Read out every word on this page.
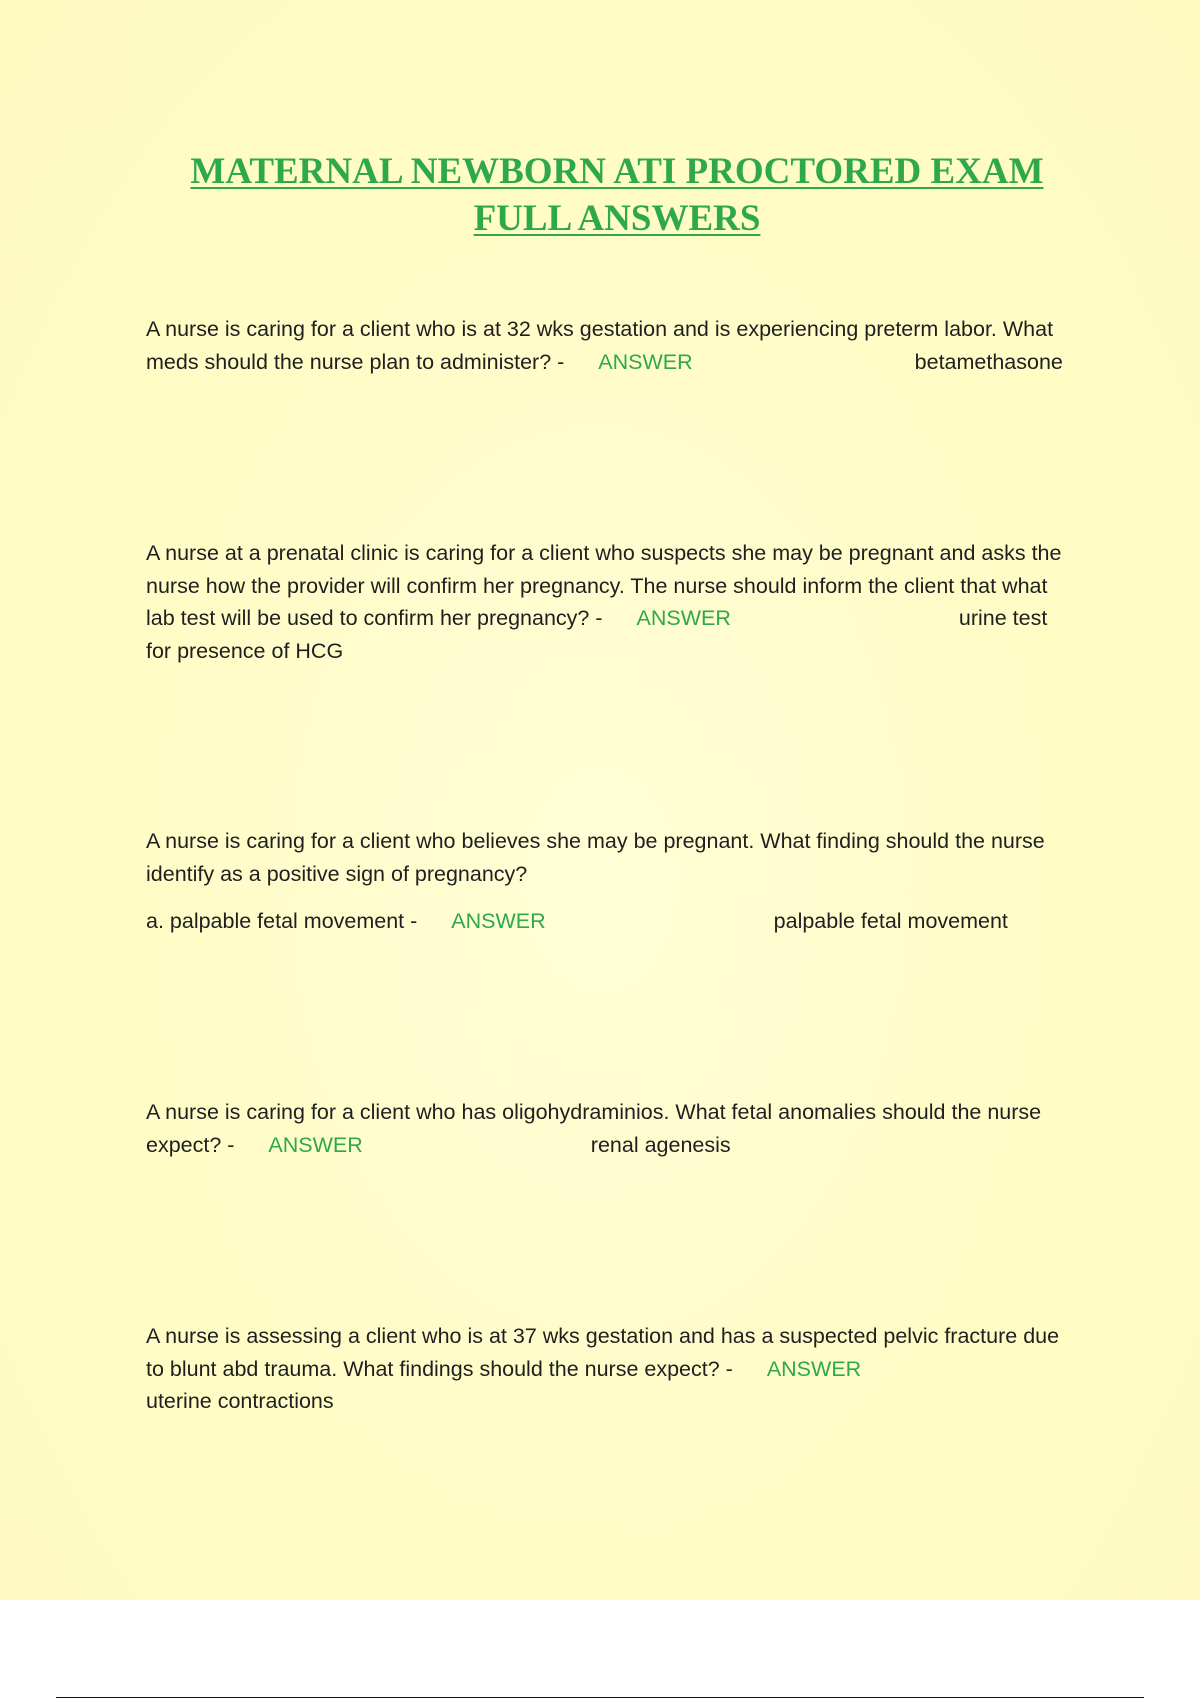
MATERNAL NEWBORN ATI PROCTORED EXAM
FULL ANSWERS

A nurse is caring for a client who is at 32 wks gestation and is experiencing preterm labor. What meds should the nurse plan to administer? - ANSWER	betamethasone

A nurse at a prenatal clinic is caring for a client who suspects she may be pregnant and asks the nurse how the provider will confirm her pregnancy. The nurse should inform the client that what lab test will be used to confirm her pregnancy? - ANSWER	urine test for presence of HCG

A nurse is caring for a client who believes she may be pregnant. What finding should the nurse identify as a positive sign of pregnancy?

a. palpable fetal movement - ANSWER	palpable fetal movement

A nurse is caring for a client who has oligohydraminios. What fetal anomalies should the nurse expect? - ANSWER	renal agenesis

A nurse is assessing a client who is at 37 wks gestation and has a suspected pelvic fracture due to blunt abd trauma. What findings should the nurse expect? - ANSWER
uterine contractions
